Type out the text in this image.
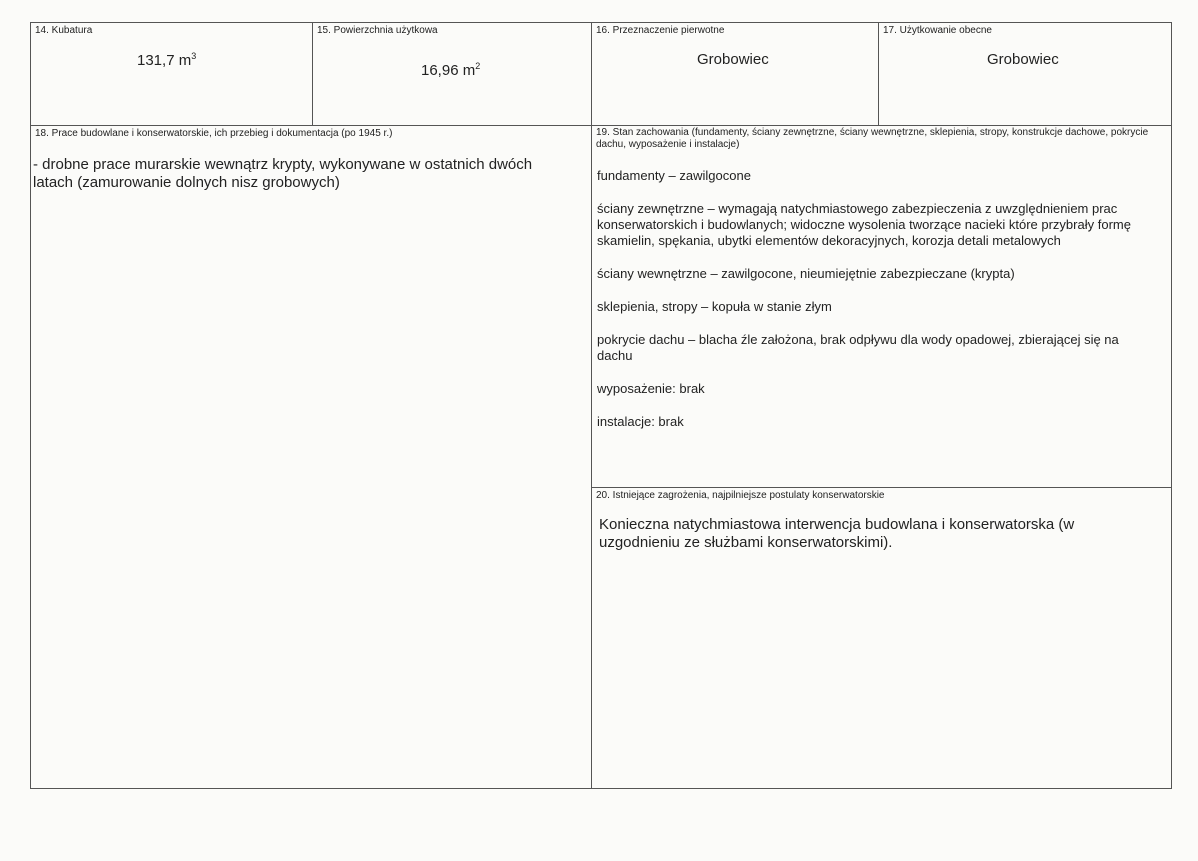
14. Kubatura
131,7 $m^3$
15. Powierzchnia użytkowa
16,96 $m^2$
16. Przeznaczenie pierwotne
Grobowiec
17. Użytkowanie obecne
Grobowiec
18. Prace budowlane i konserwatorskie, ich przebieg i dokumentacja (po 1945 r.)
- drobne prace murarskie wewnątrz krypty, wykonywane w ostatnich dwóch latach (zamurowanie dolnych nisz grobowych)
19. Stan zachowania (fundamenty, ściany zewnętrzne, ściany wewnętrzne, sklepienia, stropy, konstrukcje dachowe, pokrycie dachu, wyposażenie i instalacje)

fundamenty – zawilgocone

ściany zewnętrzne – wymagają natychmiastowego zabezpieczenia z uwzględnieniem prac konserwatorskich i budowlanych; widoczne wysolenia tworzące nacieki które przybrały formę skamielin, spękania, ubytki elementów dekoracyjnych, korozja detali metalowych

ściany wewnętrzne – zawilgocone, nieumiejętnie zabezpieczane (krypta)

sklepienia, stropy – kopuła w stanie złym

pokrycie dachu – blacha źle założona, brak odpływu dla wody opadowej, zbierającej się na dachu

wyposażenie: brak

instalacje: brak

20. Istniejące zagrożenia, najpilniejsze postulaty konserwatorskie
Konieczna natychmiastowa interwencja budowlana i konserwatorska (w uzgodnieniu ze służbami konserwatorskimi).
